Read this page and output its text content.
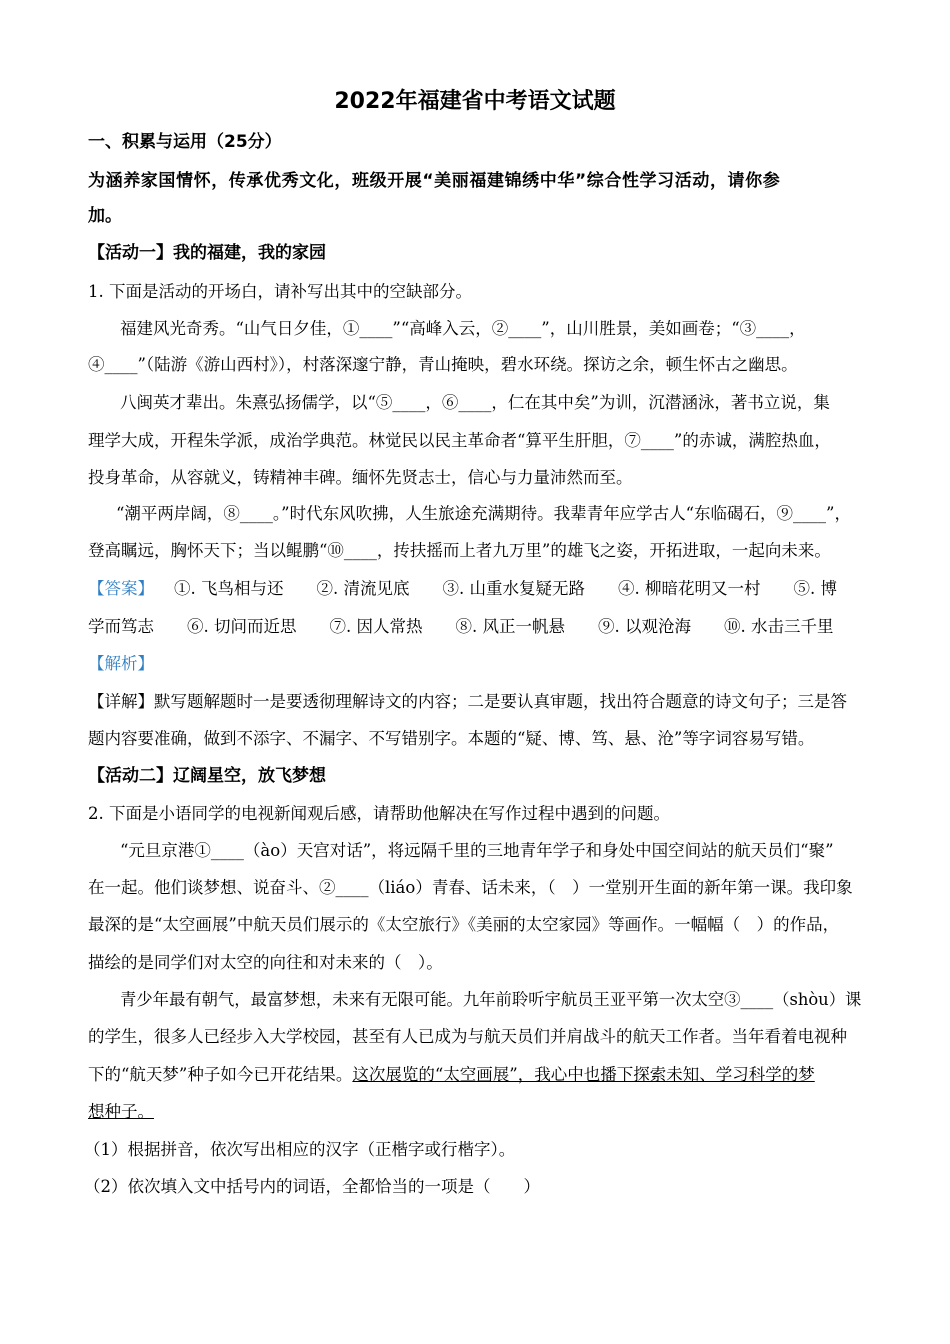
2022年福建省中考语文试题
一、积累与运用（25分）
为涵养家国情怀，传承优秀文化，班级开展“美丽福建锦绣中华”综合性学习活动，请你参
加。
【活动一】我的福建，我的家园
1. 下面是活动的开场白，请补写出其中的空缺部分。
福建风光奇秀。“山气日夕佳，①____”“高峰入云，②____”，山川胜景，美如画卷；“③____，
④____”（陆游《游山西村》），村落深邃宁静，青山掩映，碧水环绕。探访之余，顿生怀古之幽思。
八闽英才辈出。朱熹弘扬儒学，以“⑤____，⑥____，仁在其中矣”为训，沉潜涵泳，著书立说，集
理学大成，开程朱学派，成治学典范。林觉民以民主革命者“算平生肝胆，⑦____”的赤诚，满腔热血，
投身革命，从容就义，铸精神丰碑。缅怀先贤志士，信心与力量沛然而至。
“潮平两岸阔，⑧____。”时代东风吹拂，人生旅途充满期待。我辈青年应学古人“东临碣石，⑨____”，
登高瞩远，胸怀天下；当以鲲鹏“⑩____，抟扶摇而上者九万里”的雄飞之姿，开拓进取，一起向未来。
【答案】 ①. 飞鸟相与还　　②. 清流见底　　③. 山重水复疑无路　　④. 柳暗花明又一村　　⑤. 博
学而笃志　　⑥. 切问而近思　　⑦. 因人常热　　⑧. 风正一帆悬　　⑨. 以观沧海　　⑩. 水击三千里
【解析】
【详解】默写题解题时一是要透彻理解诗文的内容；二是要认真审题，找出符合题意的诗文句子；三是答
题内容要准确，做到不添字、不漏字、不写错别字。本题的“疑、博、笃、悬、沧”等字词容易写错。
【活动二】辽阔星空，放飞梦想
2. 下面是小语同学的电视新闻观后感，请帮助他解决在写作过程中遇到的问题。
“元旦京港①____（ào）天宫对话”，将远隔千里的三地青年学子和身处中国空间站的航天员们“聚”
在一起。他们谈梦想、说奋斗、②____（liáo）青春、话未来，（　）一堂别开生面的新年第一课。我印象
最深的是“太空画展”中航天员们展示的《太空旅行》《美丽的太空家园》等画作。一幅幅（　）的作品，
描绘的是同学们对太空的向往和对未来的（　）。
青少年最有朝气，最富梦想，未来有无限可能。九年前聆听宇航员王亚平第一次太空③____（shòu）课
的学生，很多人已经步入大学校园，甚至有人已成为与航天员们并肩战斗的航天工作者。当年看着电视种
下的“航天梦”种子如今已开花结果。这次展览的“太空画展”，我心中也播下探索未知、学习科学的梦
想种子。
（1）根据拼音，依次写出相应的汉字（正楷字或行楷字）。
（2）依次填入文中括号内的词语，全都恰当的一项是（　　）
